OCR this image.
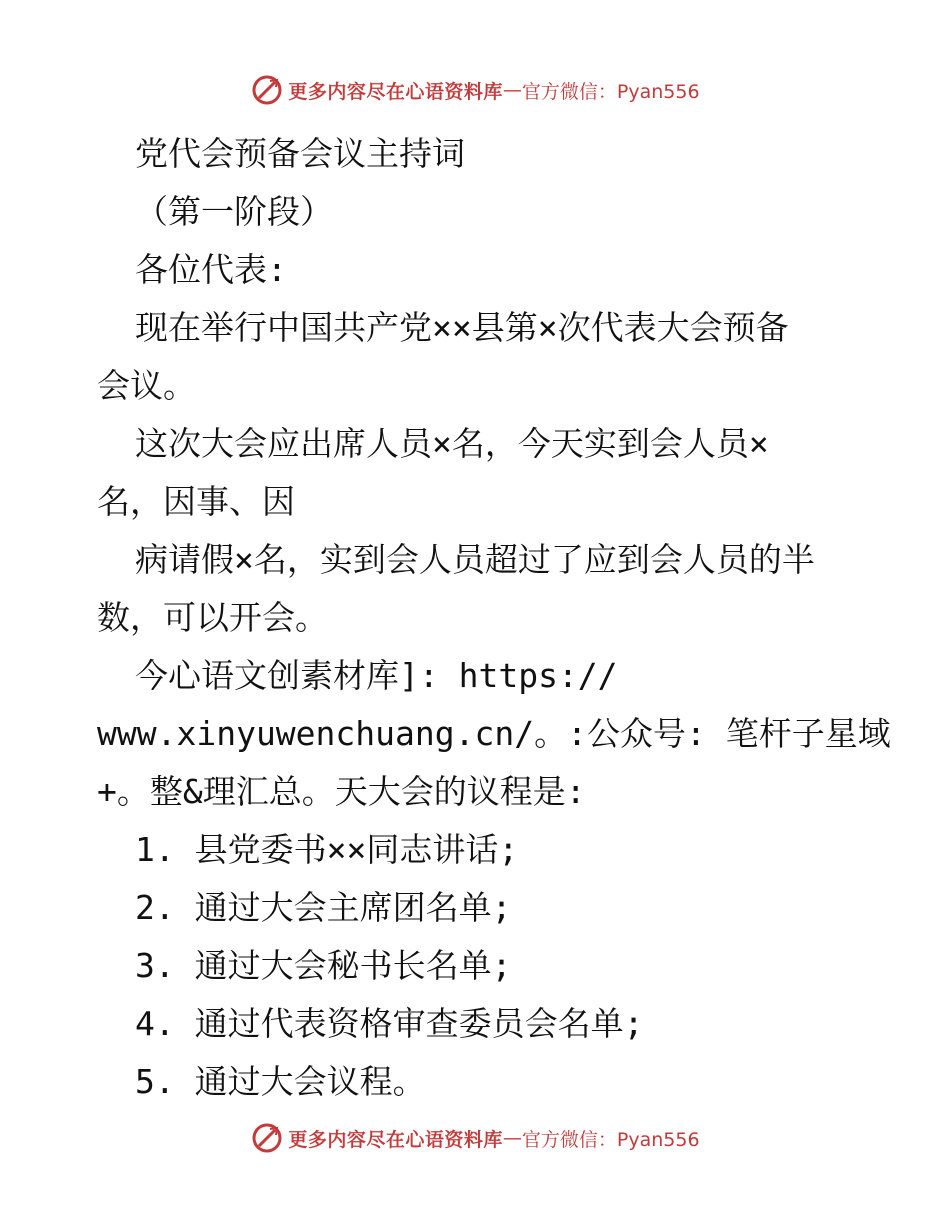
更多内容尽在心语资料库 — 官方微信：Pyan556
党代会预备会议主持词
（第一阶段）
各位代表:
现在举行中国共产党××县第×次代表大会预备
会议。
这次大会应出席人员×名，今天实到会人员×
名，因事、因
病请假×名，实到会人员超过了应到会人员的半
数，可以开会。
今心语文创素材库]: https://
www.xinyuwenchuang.cn/。:公众号: 笔杆子星域
+。整&理汇总。天大会的议程是:
1. 县党委书××同志讲话;
2. 通过大会主席团名单;
3. 通过大会秘书长名单;
4. 通过代表资格审查委员会名单;
5. 通过大会议程。
更多内容尽在心语资料库 — 官方微信：Pyan556
